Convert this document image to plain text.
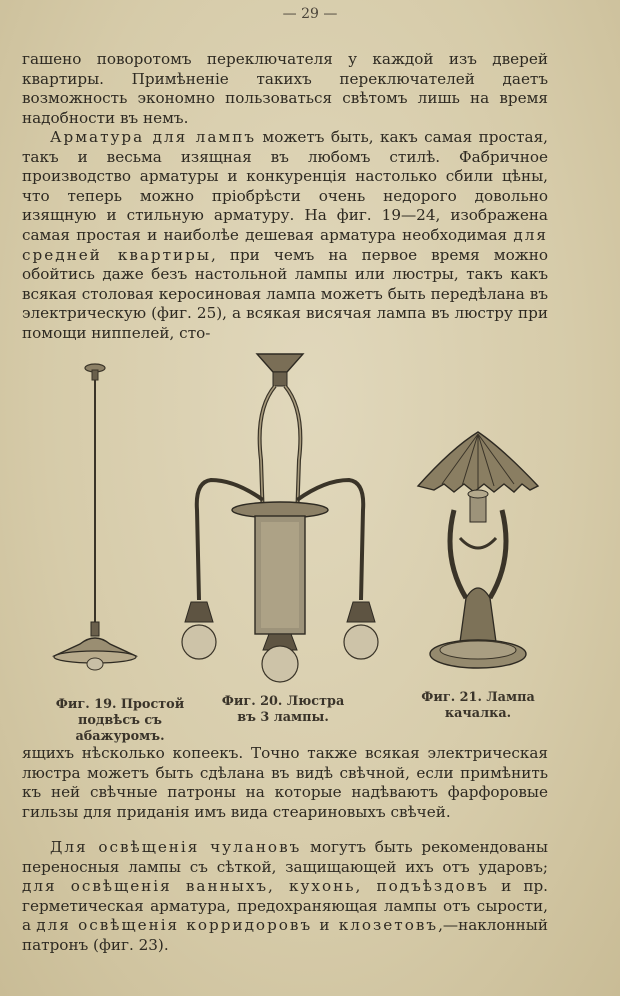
— 29 —

гашено поворотомъ переключателя у каждой изъ дверей квартиры. Примѣненіе такихъ переключателей даетъ возможность экономно пользоваться свѣтомъ лишь на время надобности въ немъ.

Арматура для лампъ можетъ быть, какъ самая простая, такъ и весьма изящная въ любомъ стилѣ. Фабричное производство арматуры и конкуренція настолько сбили цѣны, что теперь можно пріобрѣсти очень недорого довольно изящную и стильную арматуру. На фиг. 19—24, изображена самая простая и наиболѣе дешевая арматура необходимая для средней квартиры, при чемъ на первое время можно обойтись даже безъ настольной лампы или люстры, такъ какъ всякая столовая керосиновая лампа можетъ быть передѣлана въ электрическую (фиг. 25), а всякая висячая лампа въ люстру при помощи ниппелей, сто-

Фиг. 19. Простой
подвѣсъ съ абажуромъ.
Фиг. 20. Люстра
въ 3 лампы.
Фиг. 21. Лампа
качалка.

ящихъ нѣсколько копеекъ. Точно также всякая электрическая люстра можетъ быть сдѣлана въ видѣ свѣчной, если примѣнить къ ней свѣчные патроны на которые надѣваютъ фарфоровые гильзы для приданія имъ вида стеариновыхъ свѣчей.

Для освѣщенія чулановъ могутъ быть рекомендованы переносныя лампы съ сѣткой, защищающей ихъ отъ ударовъ; для освѣщенія ванныхъ, кухонь, подъѣздовъ и пр. герметическая арматура, предохраняющая лампы отъ сырости, а для освѣщенія корридоровъ и клозетовъ,—наклонный патронъ (фиг. 23).
